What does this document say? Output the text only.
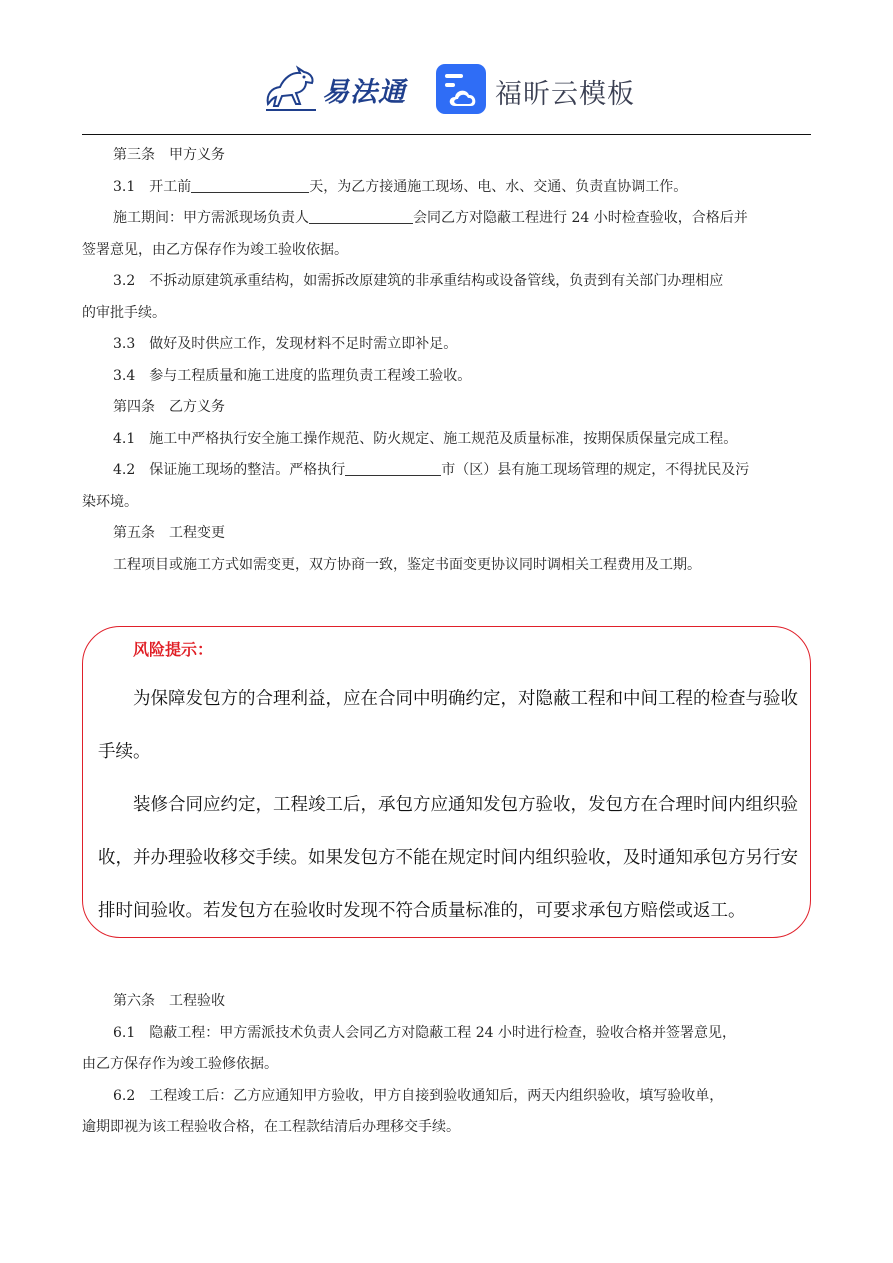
易法通	福昕云模板

第三条　甲方义务

3.1　开工前	天，为乙方接通施工现场、电、水、交通、负责直协调工作。

施工期间：甲方需派现场负责人	会同乙方对隐蔽工程进行 24 小时检查验收，合格后并

签署意见，由乙方保存作为竣工验收依据。

3.2　不拆动原建筑承重结构，如需拆改原建筑的非承重结构或设备管线，负责到有关部门办理相应

的审批手续。

3.3　做好及时供应工作，发现材料不足时需立即补足。

3.4　参与工程质量和施工进度的监理负责工程竣工验收。

第四条　乙方义务

4.1　施工中严格执行安全施工操作规范、防火规定、施工规范及质量标准，按期保质保量完成工程。

4.2　保证施工现场的整洁。严格执行	市（区）县有施工现场管理的规定，不得扰民及污

染环境。

第五条　工程变更

工程项目或施工方式如需变更，双方协商一致，鉴定书面变更协议同时调相关工程费用及工期。

风险提示：

为保障发包方的合理利益，应在合同中明确约定，对隐蔽工程和中间工程的检查与验收

手续。

装修合同应约定，工程竣工后，承包方应通知发包方验收，发包方在合理时间内组织验

收，并办理验收移交手续。如果发包方不能在规定时间内组织验收，及时通知承包方另行安

排时间验收。若发包方在验收时发现不符合质量标准的，可要求承包方赔偿或返工。

第六条　工程验收

6.1　隐蔽工程：甲方需派技术负责人会同乙方对隐蔽工程 24 小时进行检查，验收合格并签署意见，

由乙方保存作为竣工验修依据。

6.2　工程竣工后：乙方应通知甲方验收，甲方自接到验收通知后，两天内组织验收，填写验收单，

逾期即视为该工程验收合格，在工程款结清后办理移交手续。
